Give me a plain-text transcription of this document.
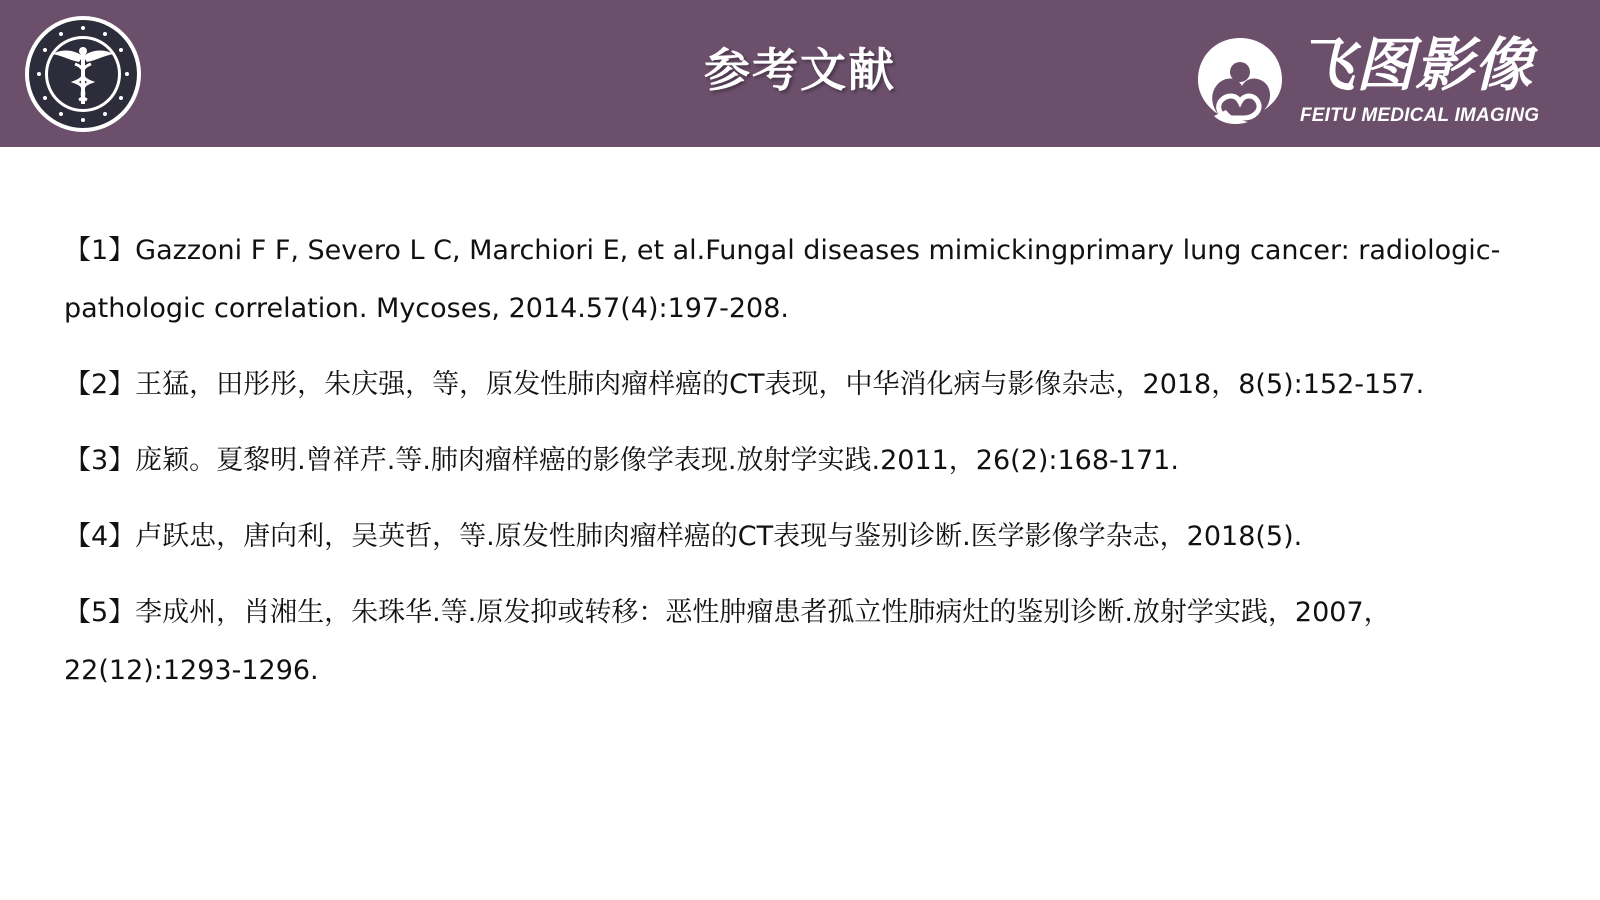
参考文献	飞图影像
FEITU MEDICAL IMAGING

【1】Gazzoni F F, Severo L C, Marchiori E, et al.Fungal diseases mimickingprimary lung cancer: radiologic-pathologic correlation. Mycoses, 2014.57(4):197-208.

【2】王猛，田彤彤，朱庆强，等，原发性肺肉瘤样癌的CT表现，中华消化病与影像杂志，2018，8(5):152-157.

【3】庞颖。夏黎明.曾祥芹.等.肺肉瘤样癌的影像学表现.放射学实践.2011，26(2):168-171.

【4】卢跃忠，唐向利，吴英哲，等.原发性肺肉瘤样癌的CT表现与鉴别诊断.医学影像学杂志，2018(5).

【5】李成州，肖湘生，朱珠华.等.原发抑或转移：恶性肿瘤患者孤立性肺病灶的鉴别诊断.放射学实践，2007，22(12):1293-1296.
